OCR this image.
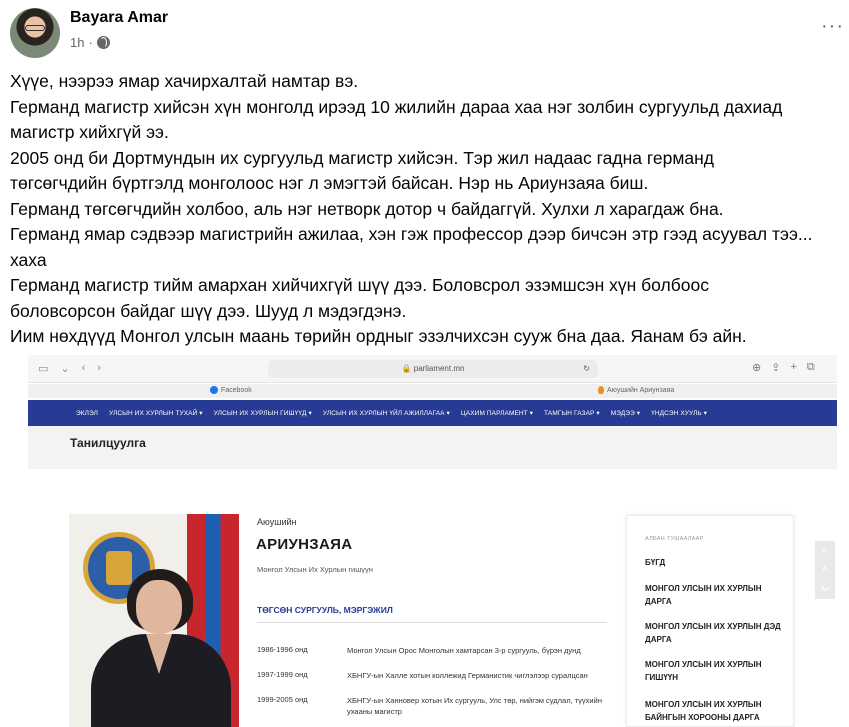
Bayara Amar
1h ·
···

Хүүе, нээрээ ямар хачирхалтай намтар вэ.

Германд магистр хийсэн хүн монголд ирээд 10 жилийн дараа хаа нэг золбин сургуульд дахиад

магистр хийхгүй ээ.

2005 онд би Дортмундын их сургуульд магистр хийсэн. Тэр жил надаас гадна германд

төгсөгчдийн бүртгэлд монголоос нэг л эмэгтэй байсан. Нэр нь Ариунзаяа биш.

Германд төгсөгчдийн холбоо, аль нэг нетворк дотор ч байдаггүй. Хулхи л харагдаж бна.

Германд ямар сэдвээр магистрийн ажилаа, хэн гэж профессор дээр бичсэн этр гээд асуувал тээ...

хаха

Германд магистр тийм амархан хийчихгүй шүү дээ. Боловсрол эзэмшсэн хүн болбоос

боловсорсон байдаг шүү дээ. Шууд л мэдэгдэнэ.

Иим нөхдүүд Монгол улсын маань төрийн ордныг эзэлчихсэн сууж бна даа. Яанам бэ айн.

▭ ⌄ ‹ ›	🔒 parliament.mn	↻	⊕ ⇪ + ⧉
Facebook	Аюушийн Ариунзаяа
ЭКЛЭЛ УЛСЫН ИХ ХУРЛЫН ТУХАЙ ▾ УЛСЫН ИХ ХУРЛЫН ГИШҮҮД ▾ УЛСЫН ИХ ХУРЛЫН ҮЙЛ АЖИЛЛАГАА ▾ ЦАХИМ ПАРЛАМЕНТ ▾ ТАМГЫН ГАЗАР ▾ МЭДЭЭ ▾ ҮНДСЭН ХУУЛЬ ▾
Танилцуулга
Аюушийн
АРИУНЗАЯА
Монгол Улсын Их Хурлын гишүүн
ТӨГСӨН СУРГУУЛЬ, МЭРГЭЖИЛ
1986-1996 онд	Монгол Улсын Орос Монголын хамтарсан 3-р сургууль, бүрэн дунд
1997-1999 онд	ХБНГУ-ын Халле хотын коллежид Германистик чиглэлээр суралцсан
1999-2005 онд	ХБНГУ-ын Ханновер хотын Их сургууль, Улс төр, нийгэм судлал, түүхийн ухааны магистр
АЛБАН ТУШААЛААР
БҮГД
МОНГОЛ УЛСЫН ИХ ХУРЛЫН ДАРГА
МОНГОЛ УЛСЫН ИХ ХУРЛЫН ДЭД ДАРГА
МОНГОЛ УЛСЫН ИХ ХУРЛЫН ГИШҮҮН
МОНГОЛ УЛСЫН ИХ ХУРЛЫН БАЙНГЫН ХОРООНЫ ДАРГА
A-
A
A+
